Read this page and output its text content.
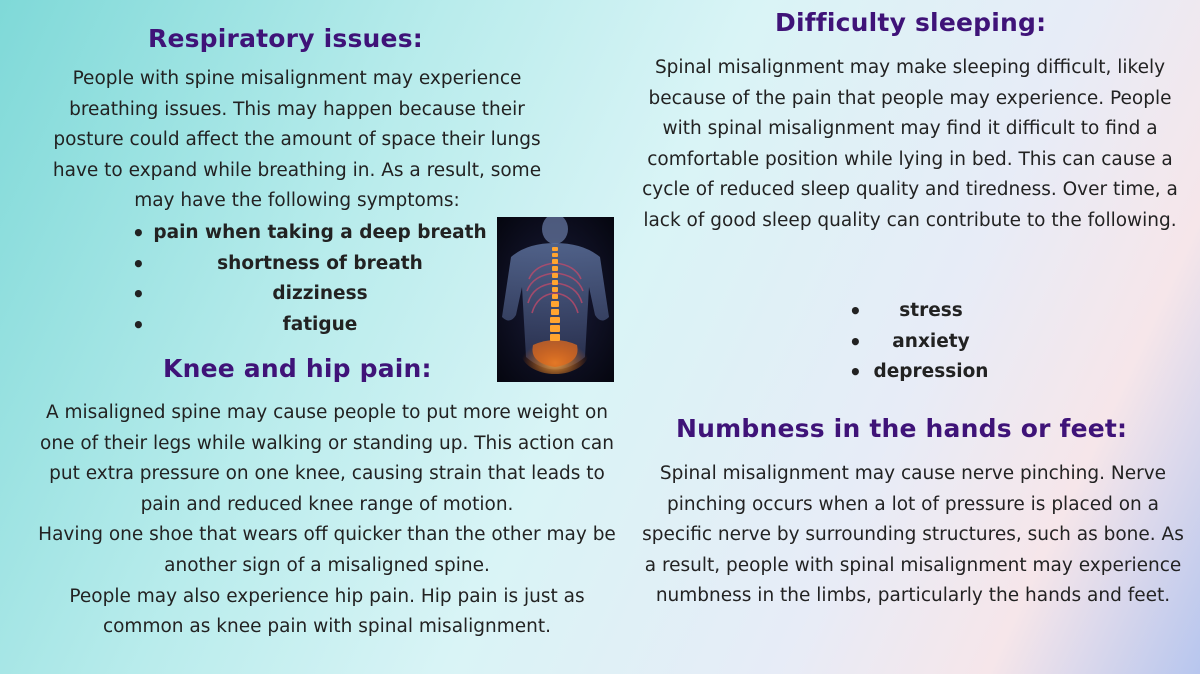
Respiratory issues:

People with spine misalignment may experience breathing issues. This may happen because their posture could affect the amount of space their lungs have to expand while breathing in. As a result, some may have the following symptoms:

• pain when taking a deep breath
•	shortness of breath
•	dizziness
•	fatigue
Knee and hip pain:

A misaligned spine may cause people to put more weight on one of their legs while walking or standing up. This action can put extra pressure on one knee, causing strain that leads to pain and reduced knee range of motion.

Having one shoe that wears off quicker than the other may be another sign of a misaligned spine.

People may also experience hip pain. Hip pain is just as common as knee pain with spinal misalignment.

Difficulty sleeping:

Spinal misalignment may make sleeping difficult, likely because of the pain that people may experience. People with spinal misalignment may find it difficult to find a comfortable position while lying in bed. This can cause a cycle of reduced sleep quality and tiredness. Over time, a lack of good sleep quality can contribute to the following.

• stress
• anxiety
• depression
Numbness in the hands or feet:

Spinal misalignment may cause nerve pinching. Nerve pinching occurs when a lot of pressure is placed on a specific nerve by surrounding structures, such as bone. As a result, people with spinal misalignment may experience numbness in the limbs, particularly the hands and feet.
